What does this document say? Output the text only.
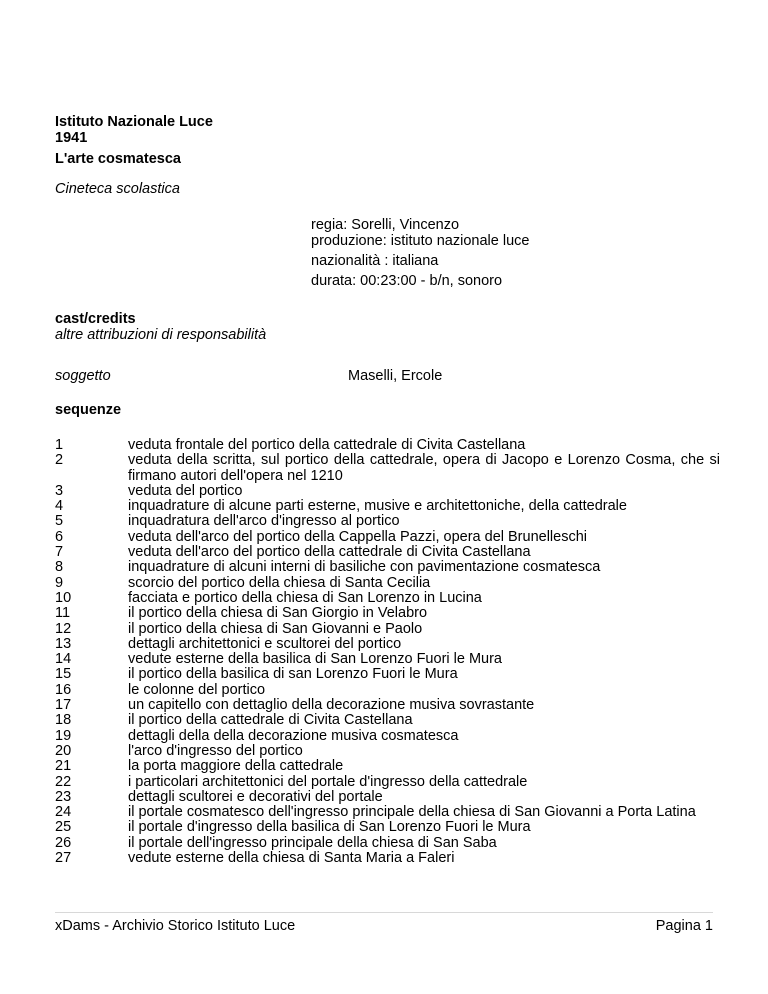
Istituto Nazionale Luce
1941
L'arte cosmatesca
Cineteca scolastica
regia: Sorelli, Vincenzo
produzione: istituto nazionale luce
nazionalità : italiana
durata: 00:23:00 - b/n, sonoro
cast/credits
altre attribuzioni di responsabilità
soggetto	Maselli, Ercole
sequenze
1	veduta frontale del portico della cattedrale di Civita Castellana
2	veduta della scritta, sul portico della cattedrale, opera di Jacopo e Lorenzo Cosma, che si firmano autori dell'opera nel 1210
3	veduta del portico
4	inquadrature di alcune parti esterne, musive e architettoniche, della cattedrale
5	inquadratura dell'arco d'ingresso al portico
6	veduta dell'arco del portico della Cappella Pazzi, opera del Brunelleschi
7	veduta dell'arco del portico della cattedrale di Civita Castellana
8	inquadrature di alcuni interni di basiliche con pavimentazione cosmatesca
9	scorcio del portico della chiesa di Santa Cecilia
10	facciata e portico della chiesa di San Lorenzo in Lucina
11	il portico della chiesa di San Giorgio in Velabro
12	il portico della chiesa di San Giovanni e Paolo
13	dettagli architettonici e scultorei del portico
14	vedute esterne della basilica di San Lorenzo Fuori le Mura
15	il portico della basilica di san Lorenzo Fuori le Mura
16	le colonne del portico
17	un capitello con dettaglio della decorazione musiva sovrastante
18	il portico della cattedrale di Civita Castellana
19	dettagli della della decorazione musiva cosmatesca
20	l'arco d'ingresso del portico
21	la porta maggiore della cattedrale
22	i particolari architettonici del portale d'ingresso della cattedrale
23	dettagli scultorei e decorativi del portale
24	il portale cosmatesco dell'ingresso principale della chiesa di San Giovanni a Porta Latina
25	il portale d'ingresso della basilica di San Lorenzo Fuori le Mura
26	il portale dell'ingresso principale della chiesa di San Saba
27	vedute esterne della chiesa di Santa Maria a Faleri
xDams - Archivio Storico Istituto Luce	Pagina 1
